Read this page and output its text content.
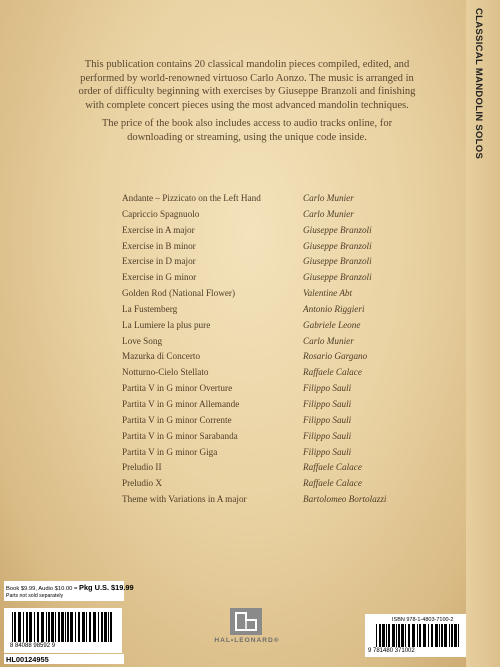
CLASSICAL MANDOLIN SOLOS

This publication contains 20 classical mandolin pieces compiled, edited, and performed by world-renowned virtuoso Carlo Aonzo. The music is arranged in order of difficulty beginning with exercises by Giuseppe Branzoli and finishing with complete concert pieces using the most advanced mandolin techniques.

The price of the book also includes access to audio tracks online, for downloading or streaming, using the unique code inside.

Andante – Pizzicato on the Left Hand	Carlo Munier
Capriccio Spagnuolo	Carlo Munier
Exercise in A major	Giuseppe Branzoli
Exercise in B minor	Giuseppe Branzoli
Exercise in D major	Giuseppe Branzoli
Exercise in G minor	Giuseppe Branzoli
Golden Rod (National Flower)	Valentine Abt
La Fustemberg	Antonio Riggieri
La Lumiere la plus pure	Gabriele Leone
Love Song	Carlo Munier
Mazurka di Concerto	Rosario Gargano
Notturno-Cielo Stellato	Raffaele Calace
Partita V in G minor Overture	Filippo Sauli
Partita V in G minor Allemande	Filippo Sauli
Partita V in G minor Corrente	Filippo Sauli
Partita V in G minor Sarabanda	Filippo Sauli
Partita V in G minor Giga	Filippo Sauli
Preludio II	Raffaele Calace
Preludio X	Raffaele Calace
Theme with Variations in A major	Bartolomeo Bortolazzi
Book $9.99, Audio $10.00 = Pkg U.S. $19.99
Parts not sold separately
8 84088 98592 9
HL00124955
HAL•LEONARD®
9 781480 371002
ISBN 978-1-4803-7100-2
